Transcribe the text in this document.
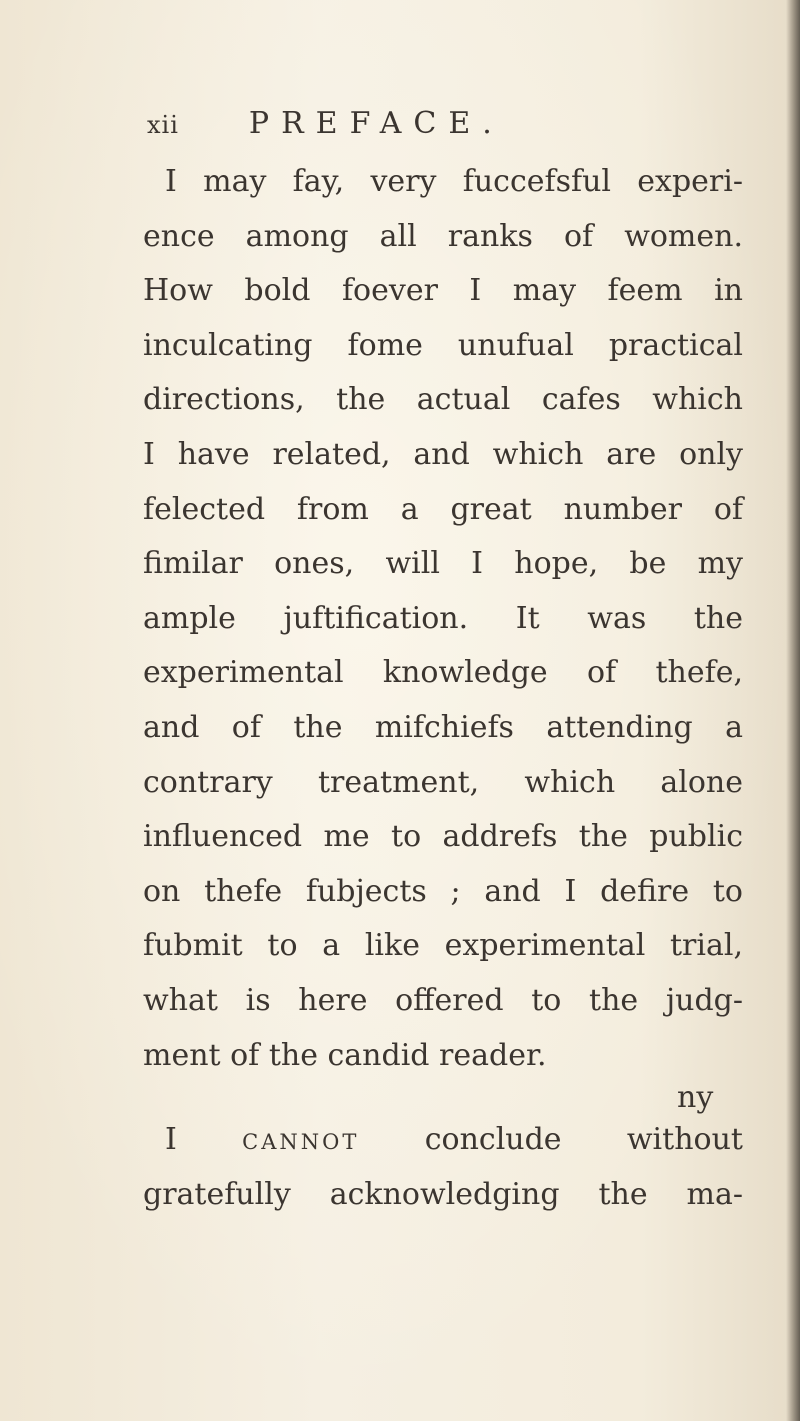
xii PREFACE.
I may fay, very fuccefsful experi-
ence among all ranks of women.
How bold foever I may feem in
inculcating fome unufual practical
directions, the actual cafes which
I have related, and which are only
felected from a great number of
fimilar ones, will I hope, be my
ample juftification. It was the
experimental knowledge of thefe,
and of the mifchiefs attending a
contrary treatment, which alone
influenced me to addrefs the public
on thefe fubjects ; and I defire to
fubmit to a like experimental trial,
what is here offered to the judg-
ment of the candid reader.
I	CANNOT conclude without
gratefully acknowledging the ma-
ny
